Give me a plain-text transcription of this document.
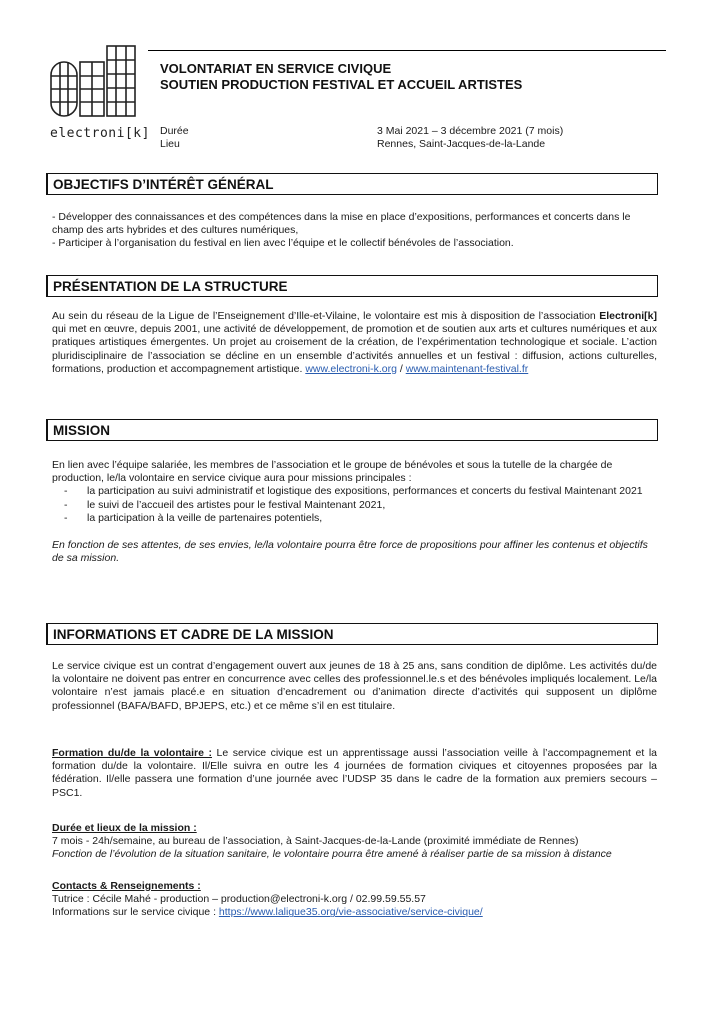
electroni[k]
VOLONTARIAT EN SERVICE CIVIQUE
SOUTIEN PRODUCTION FESTIVAL ET ACCUEIL ARTISTES
Durée
Lieu
3 Mai 2021 – 3 décembre 2021 (7 mois)
Rennes, Saint-Jacques-de-la-Lande
OBJECTIFS D’INTÉRÊT GÉNÉRAL
- Développer des connaissances et des compétences dans la mise en place d’expositions, performances et concerts dans le champ des arts hybrides et des cultures numériques,
- Participer à l’organisation du festival en lien avec l’équipe et le collectif bénévoles de l’association.
PRÉSENTATION DE LA STRUCTURE
Au sein du réseau de la Ligue de l’Enseignement d’Ille-et-Vilaine, le volontaire est mis à disposition de l’association Electroni[k] qui met en œuvre, depuis 2001, une activité de développement, de promotion et de soutien aux arts et cultures numériques et aux pratiques artistiques émergentes. Un projet au croisement de la création, de l’expérimentation technologique et sociale. L’action pluridisciplinaire de l’association se décline en un ensemble d’activités annuelles et un festival : diffusion, actions culturelles, formations, production et accompagnement artistique. www.electroni-k.org / www.maintenant-festival.fr
MISSION
En lien avec l’équipe salariée, les membres de l’association et le groupe de bénévoles et sous la tutelle de la chargée de production, le/la volontaire en service civique aura pour missions principales :
- la participation au suivi administratif et logistique des expositions, performances et concerts du festival Maintenant 2021
- le suivi de l’accueil des artistes pour le festival Maintenant 2021,
- la participation à la veille de partenaires potentiels,
En fonction de ses attentes, de ses envies, le/la volontaire pourra être force de propositions pour affiner les contenus et objectifs de sa mission.
INFORMATIONS ET CADRE DE LA MISSION
Le service civique est un contrat d’engagement ouvert aux jeunes de 18 à 25 ans, sans condition de diplôme. Les activités du/de la volontaire ne doivent pas entrer en concurrence avec celles des professionnel.le.s et des bénévoles impliqués localement. Le/la volontaire n’est jamais placé.e en situation d’encadrement ou d’animation directe d’activités qui supposent un diplôme professionnel (BAFA/BAFD, BPJEPS, etc.) et ce même s’il en est titulaire.
Formation du/de la volontaire : Le service civique est un apprentissage aussi l’association veille à l’accompagnement et la formation du/de la volontaire. Il/Elle suivra en outre les 4 journées de formation civiques et citoyennes proposées par la fédération. Il/elle passera une formation d’une journée avec l’UDSP 35 dans le cadre de la formation aux premiers secours – PSC1.
Durée et lieux de la mission :
7 mois - 24h/semaine, au bureau de l’association, à Saint-Jacques-de-la-Lande (proximité immédiate de Rennes)
Fonction de l’évolution de la situation sanitaire, le volontaire pourra être amené à réaliser partie de sa mission à distance
Contacts & Renseignements :
Tutrice : Cécile Mahé - production – production@electroni-k.org / 02.99.59.55.57
Informations sur le service civique : https://www.laligue35.org/vie-associative/service-civique/
